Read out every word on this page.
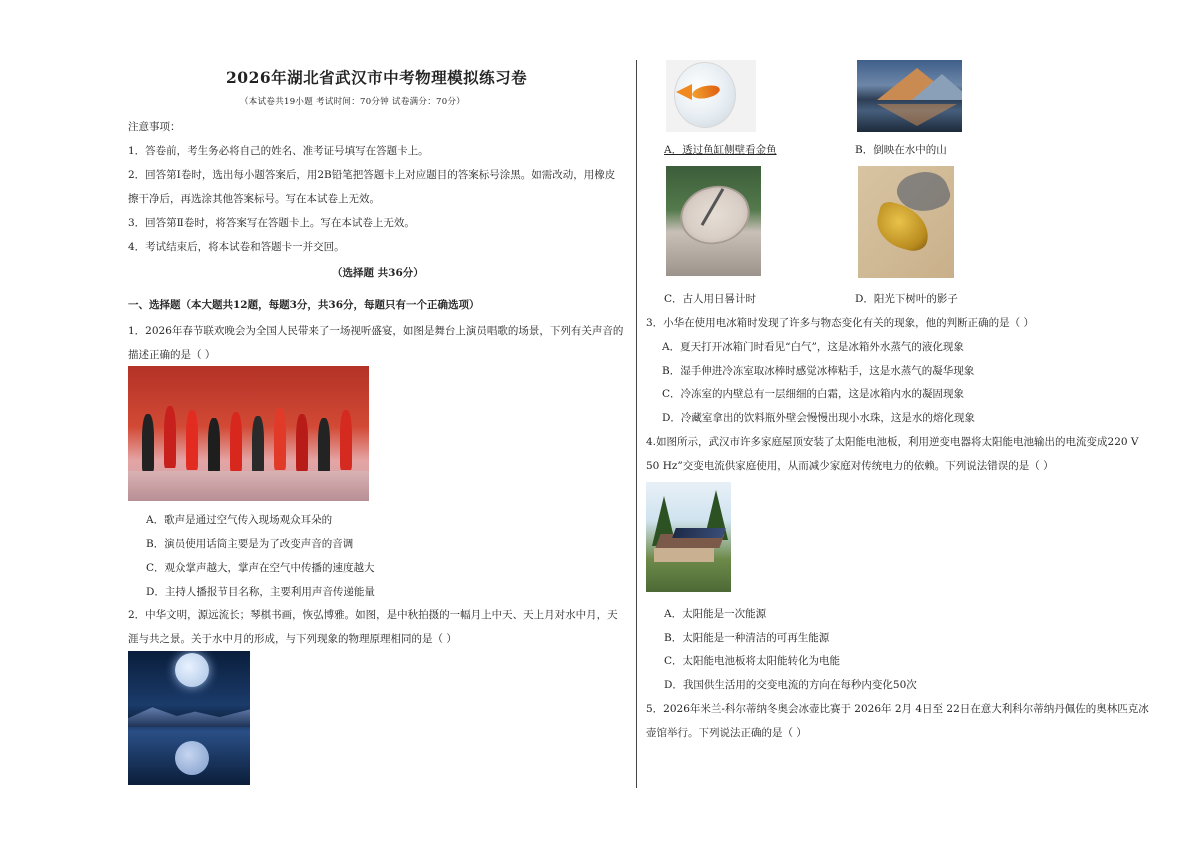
2026年湖北省武汉市中考物理模拟练习卷
（本试卷共19小题 考试时间：70分钟 试卷满分：70分）
注意事项：
1．答卷前，考生务必将自己的姓名、准考证号填写在答题卡上。
2．回答第Ⅰ卷时，选出每小题答案后，用2B铅笔把答题卡上对应题目的答案标号涂黑。如需改动，用橡皮
擦干净后，再选涂其他答案标号。写在本试卷上无效。
3．回答第Ⅱ卷时，将答案写在答题卡上。写在本试卷上无效。
4．考试结束后，将本试卷和答题卡一并交回。
（选择题 共36分）
一、选择题（本大题共12题，每题3分，共36分，每题只有一个正确选项）
1．2026年春节联欢晚会为全国人民带来了一场视听盛宴，如图是舞台上演员唱歌的场景，下列有关声音的
描述正确的是（ ）
A．歌声是通过空气传入现场观众耳朵的
B．演员使用话筒主要是为了改变声音的音调
C．观众掌声越大，掌声在空气中传播的速度越大
D．主持人播报节目名称，主要利用声音传递能量
2．中华文明，源远流长；琴棋书画，恢弘博雅。如图，是中秋拍摄的一幅月上中天、天上月对水中月，天
涯与共之景。关于水中月的形成，与下列现象的物理原理相同的是（ ）
A．透过鱼缸侧壁看金鱼	B．倒映在水中的山
C．古人用日晷计时	D．阳光下树叶的影子
3．小华在使用电冰箱时发现了许多与物态变化有关的现象，他的判断正确的是（ ）
A．夏天打开冰箱门时看见“白气”，这是冰箱外水蒸气的液化现象
B．湿手伸进冷冻室取冰棒时感觉冰棒粘手，这是水蒸气的凝华现象
C．冷冻室的内壁总有一层细细的白霜，这是冰箱内水的凝固现象
D．冷藏室拿出的饮料瓶外壁会慢慢出现小水珠，这是水的熔化现象
4.如图所示，武汉市许多家庭屋顶安装了太阳能电池板，利用逆变电器将太阳能电池输出的电流变成220 V
50 Hz”交变电流供家庭使用，从而减少家庭对传统电力的依赖。下列说法错误的是（ ）
A．太阳能是一次能源
B．太阳能是一种清洁的可再生能源
C．太阳能电池板将太阳能转化为电能
D．我国供生活用的交变电流的方向在每秒内变化50次
5．2026年米兰-科尔蒂纳冬奥会冰壶比赛于 2026年 2月 4日至 22日在意大利科尔蒂纳丹佩佐的奥林匹克冰
壶馆举行。下列说法正确的是（ ）
